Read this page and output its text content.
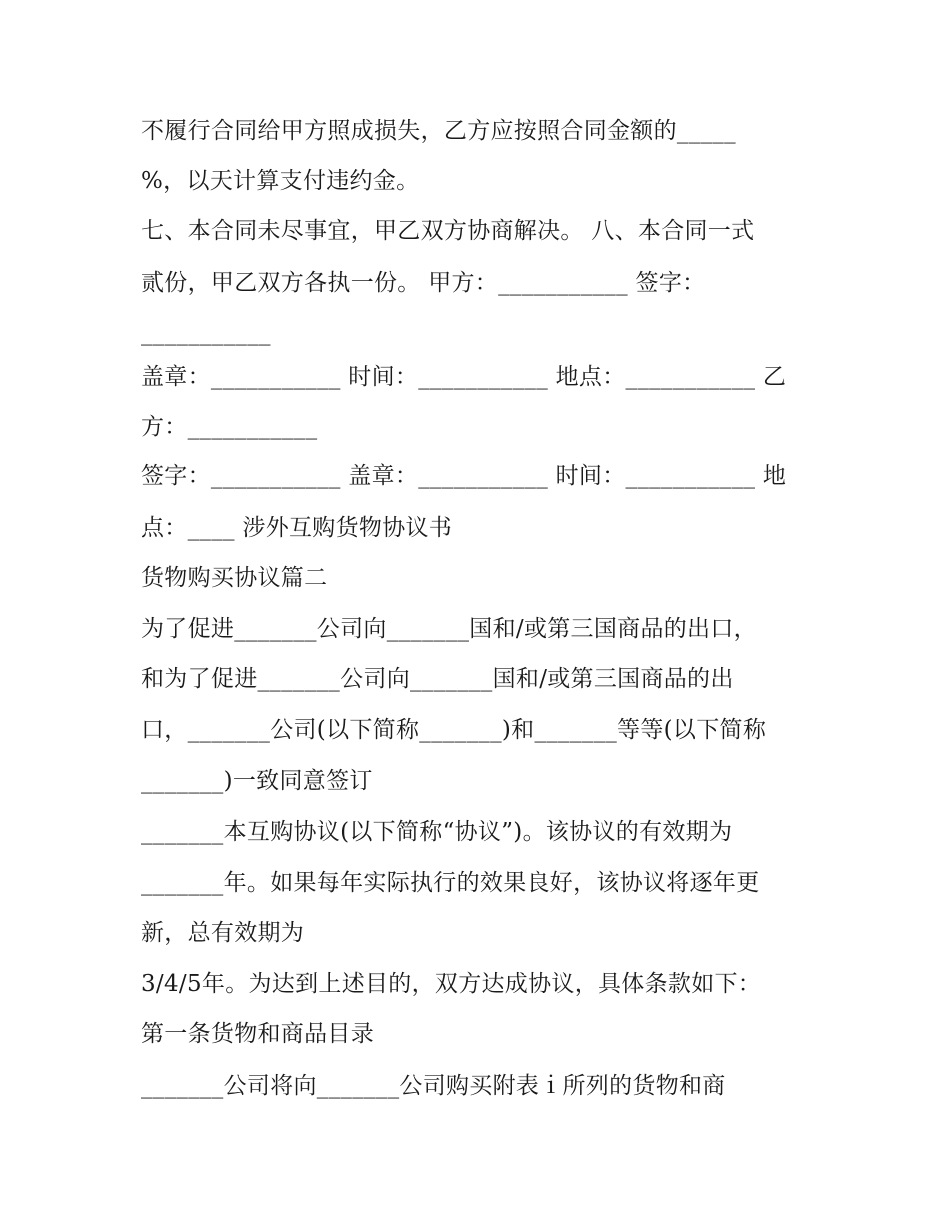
不履行合同给甲方照成损失，乙方应按照合同金额的_____
%，以天计算支付违约金。
七、本合同未尽事宜，甲乙双方协商解决。 八、本合同一式
贰份，甲乙双方各执一份。 甲方：___________ 签字：
___________
盖章：___________ 时间：___________ 地点：___________ 乙
方：___________
签字：___________ 盖章：___________ 时间：___________ 地
点：____ 涉外互购货物协议书
货物购买协议篇二
为了促进_______公司向_______国和/或第三国商品的出口，
和为了促进_______公司向_______国和/或第三国商品的出
口，_______公司(以下简称_______)和_______等等(以下简称
_______)一致同意签订
_______本互购协议(以下简称“协议”)。该协议的有效期为
_______年。如果每年实际执行的效果良好，该协议将逐年更
新，总有效期为
3/4/5年。为达到上述目的，双方达成协议，具体条款如下：
第一条货物和商品目录
_______公司将向_______公司购买附表ｉ所列的货物和商
